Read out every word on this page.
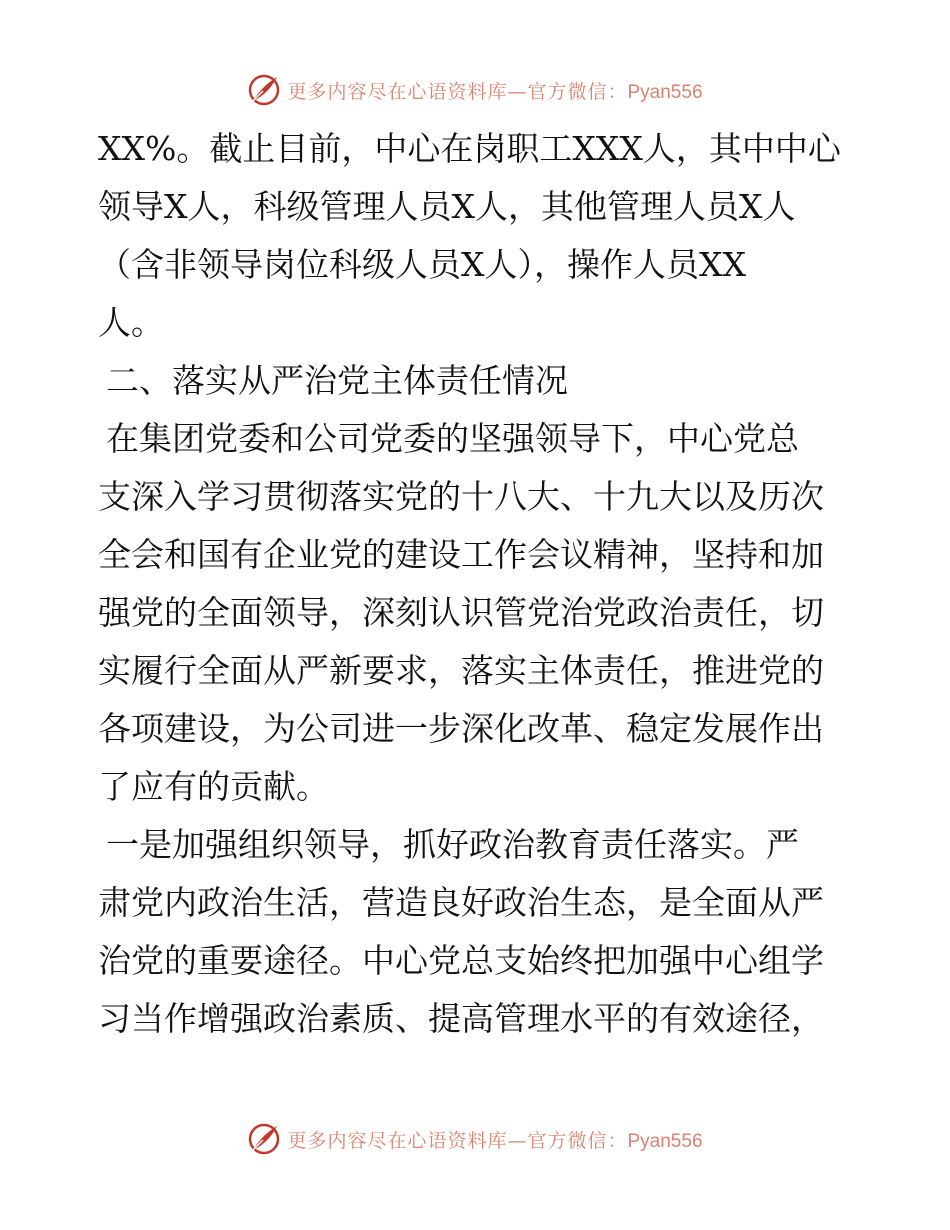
更多内容尽在心语资料库—官方微信：Pyan556

XX%。截止目前，中心在岗职工XXX人，其中中心
领导X人，科级管理人员X人，其他管理人员X人
（含非领导岗位科级人员X人），操作人员XX
人。

二、落实从严治党主体责任情况

在集团党委和公司党委的坚强领导下，中心党总
支深入学习贯彻落实党的十八大、十九大以及历次
全会和国有企业党的建设工作会议精神，坚持和加
强党的全面领导，深刻认识管党治党政治责任，切
实履行全面从严新要求，落实主体责任，推进党的
各项建设，为公司进一步深化改革、稳定发展作出
了应有的贡献。

一是加强组织领导，抓好政治教育责任落实。严
肃党内政治生活，营造良好政治生态，是全面从严
治党的重要途径。中心党总支始终把加强中心组学
习当作增强政治素质、提高管理水平的有效途径，

更多内容尽在心语资料库—官方微信：Pyan556
